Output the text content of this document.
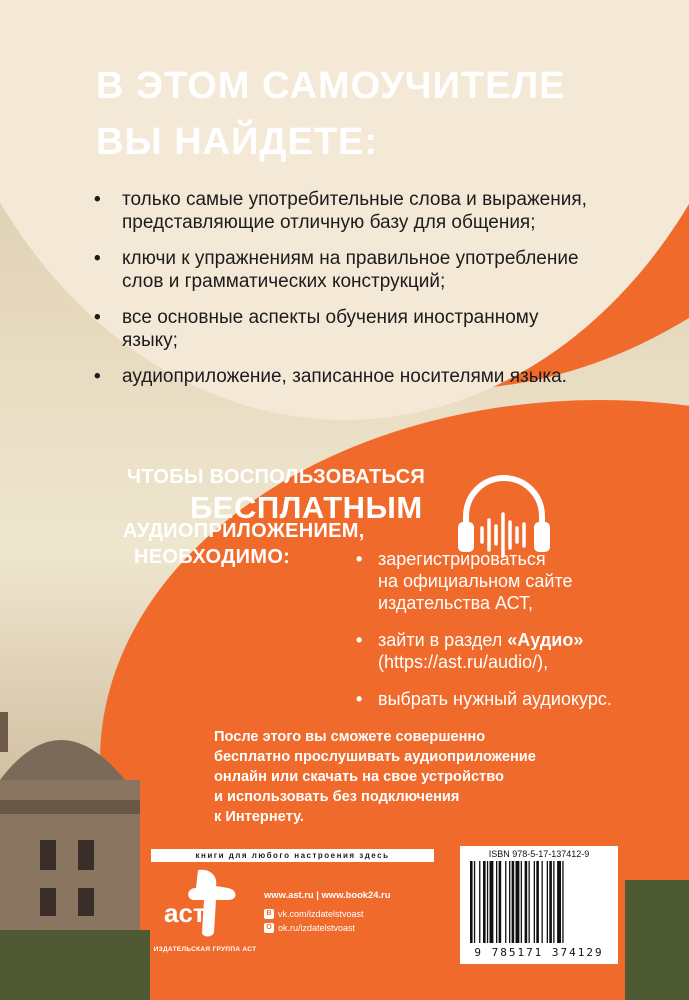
В ЭТОМ САМОУЧИТЕЛЕ
ВЫ НАЙДЕТЕ:
• только самые употребительные слова и выражения,
представляющие отличную базу для общения;
• ключи к упражнениям на правильное употребление
слов и грамматических конструкций;
• все основные аспекты обучения иностранному
языку;
• аудиоприложение, записанное носителями языка.
ЧТОБЫ ВОСПОЛЬЗОВАТЬСЯ
БЕСПЛАТНЫМ
АУДИОПРИЛОЖЕНИЕМ,
НЕОБХОДИМО:	• зарегистрироваться
на официальном сайте
издательства АСТ,
• зайти в раздел «Аудио»
(https://ast.ru/audio/),
• выбрать нужный аудиокурс.

После этого вы сможете совершенно
бесплатно прослушивать аудиоприложение
онлайн или скачать на свое устройство
и использовать без подключения
к Интернету.

книги для любого настроения здесь
аст
ИЗДАТЕЛЬСКАЯ ГРУППА АСТ
www.ast.ru | www.book24.ru
В vk.com/izdatelstvoast
О ok.ru/izdatelstvoast
ISBN 978-5-17-137412-9
9 785171 374129
